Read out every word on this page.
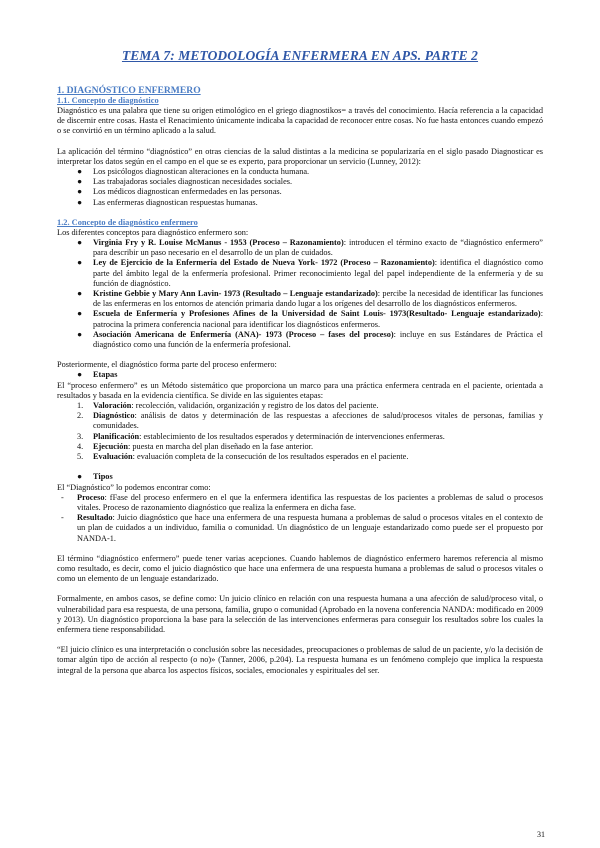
TEMA 7: METODOLOGÍA ENFERMERA EN APS. PARTE 2
1. DIAGNÓSTICO ENFERMERO
1.1. Concepto de diagnóstico

Diagnóstico es una palabra que tiene su origen etimológico en el griego diagnostikos= a través del conocimiento. Hacía referencia a la capacidad de discernir entre cosas. Hasta el Renacimiento únicamente indicaba la capacidad de reconocer entre cosas. No fue hasta entonces cuando empezó o se convirtió en un término aplicado a la salud.

La aplicación del término “diagnóstico” en otras ciencias de la salud distintas a la medicina se popularizaría en el siglo pasado Diagnosticar es interpretar los datos según en el campo en el que se es experto, para proporcionar un servicio (Lunney, 2012):

● Los psicólogos diagnostican alteraciones en la conducta humana.
● Las trabajadoras sociales diagnostican necesidades sociales.
● Los médicos diagnostican enfermedades en las personas.
● Las enfermeras diagnostican respuestas humanas.
1.2. Concepto de diagnóstico enfermero

Los diferentes conceptos para diagnóstico enfermero son:

● Virginia Fry y R. Louise McManus - 1953 (Proceso – Razonamiento): introducen el término exacto de “diagnóstico enfermero” para describir un paso necesario en el desarrollo de un plan de cuidados.
● Ley de Ejercicio de la Enfermería del Estado de Nueva York- 1972 (Proceso – Razonamiento): identifica el diagnóstico como parte del ámbito legal de la enfermería profesional. Primer reconocimiento legal del papel independiente de la enfermería y de su función de diagnóstico.
● Kristine Gebbie y Mary Ann Lavin- 1973 (Resultado – Lenguaje estandarizado): percibe la necesidad de identificar las funciones de las enfermeras en los entornos de atención primaria dando lugar a los orígenes del desarrollo de los diagnósticos enfermeros.
● Escuela de Enfermería y Profesiones Afines de la Universidad de Saint Louis- 1973(Resultado- Lenguaje estandarizado): patrocina la primera conferencia nacional para identificar los diagnósticos enfermeros.
● Asociación Americana de Enfermería (ANA)- 1973 (Proceso – fases del proceso): incluye en sus Estándares de Práctica el diagnóstico como una función de la enfermería profesional.

Posteriormente, el diagnóstico forma parte del proceso enfermero:

● Etapas

El “proceso enfermero” es un Método sistemático que proporciona un marco para una práctica enfermera centrada en el paciente, orientada a resultados y basada en la evidencia científica. Se divide en las siguientes etapas:

1. Valoración: recolección, validación, organización y registro de los datos del paciente.
2. Diagnóstico: análisis de datos y determinación de las respuestas a afecciones de salud/procesos vitales de personas, familias y comunidades.
3. Planificación: establecimiento de los resultados esperados y determinación de intervenciones enfermeras.
4. Ejecución: puesta en marcha del plan diseñado en la fase anterior.
5. Evaluación: evaluación completa de la consecución de los resultados esperados en el paciente.
● Tipos

El “Diagnóstico” lo podemos encontrar como:

- Proceso: fFase del proceso enfermero en el que la enfermera identifica las respuestas de los pacientes a problemas de salud o procesos vitales. Proceso de razonamiento diagnóstico que realiza la enfermera en dicha fase.
- Resultado: Juicio diagnóstico que hace una enfermera de una respuesta humana a problemas de salud o procesos vitales en el contexto de un plan de cuidados a un individuo, familia o comunidad. Un diagnóstico de un lenguaje estandarizado como puede ser el propuesto por NANDA-1.

El término “diagnóstico enfermero” puede tener varias acepciones. Cuando hablemos de diagnóstico enfermero haremos referencia al mismo como resultado, es decir, como el juicio diagnóstico que hace una enfermera de una respuesta humana a problemas de salud o procesos vitales o como un elemento de un lenguaje estandarizado.

Formalmente, en ambos casos, se define como: Un juicio clínico en relación con una respuesta humana a una afección de salud/proceso vital, o vulnerabilidad para esa respuesta, de una persona, familia, grupo o comunidad (Aprobado en la novena conferencia NANDA: modificado en 2009 y 2013). Un diagnóstico proporciona la base para la selección de las intervenciones enfermeras para conseguir los resultados sobre los cuales la enfermera tiene responsabilidad.

“El juicio clínico es una interpretación o conclusión sobre las necesidades, preocupaciones o problemas de salud de un paciente, y/o la decisión de tomar algún tipo de acción al respecto (o no)» (Tanner, 2006, p.204). La respuesta humana es un fenómeno complejo que implica la respuesta integral de la persona que abarca los aspectos físicos, sociales, emocionales y espirituales del ser.

31
